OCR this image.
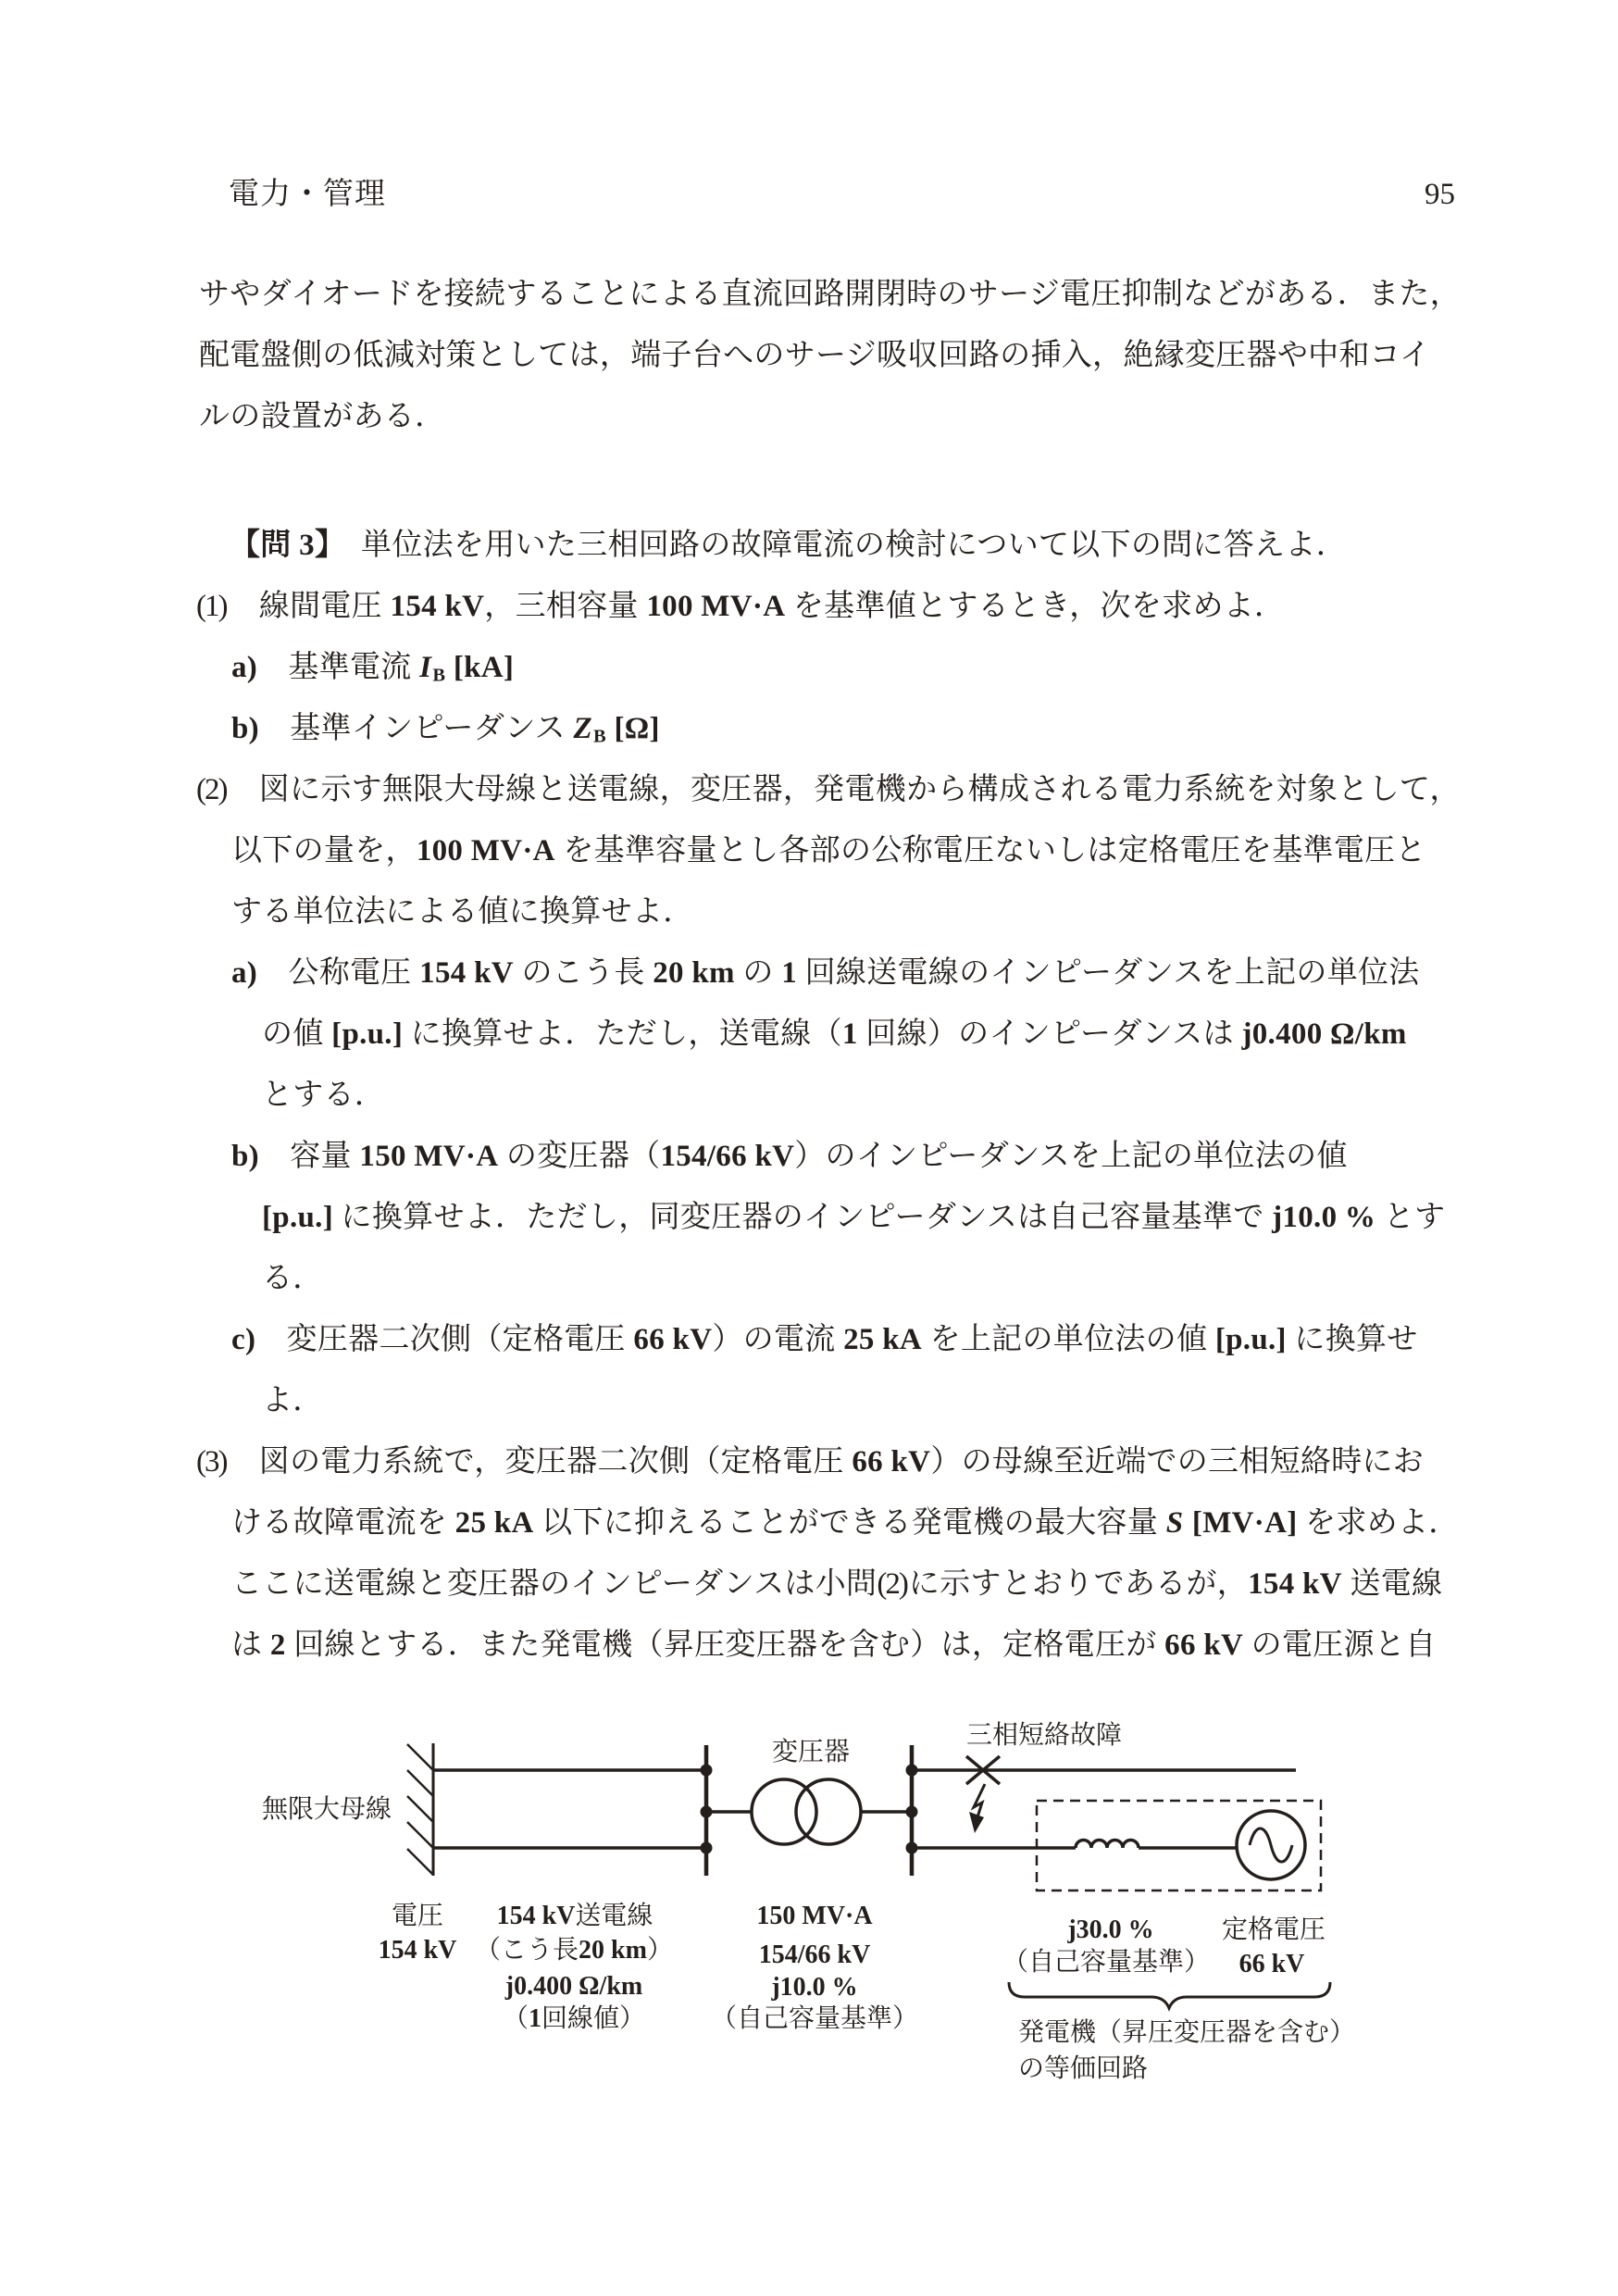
電力・管理	95
サやダイオードを接続することによる直流回路開閉時のサージ電圧抑制などがある．また，
配電盤側の低減対策としては，端子台へのサージ吸収回路の挿入，絶縁変圧器や中和コイ
ルの設置がある．
【問 3】　単位法を用いた三相回路の故障電流の検討について以下の問に答えよ．
(1)　線間電圧 154 kV，三相容量 100 MV·A を基準値とするとき，次を求めよ．
a)　基準電流 IB [kA]
b)　基準インピーダンス ZB [Ω]
(2)　図に示す無限大母線と送電線，変圧器，発電機から構成される電力系統を対象として，
以下の量を，100 MV·A を基準容量とし各部の公称電圧ないしは定格電圧を基準電圧と
する単位法による値に換算せよ．
a)　公称電圧 154 kV のこう長 20 km の 1 回線送電線のインピーダンスを上記の単位法
の値 [p.u.] に換算せよ．ただし，送電線（1 回線）のインピーダンスは j0.400 Ω/km
とする．
b)　容量 150 MV·A の変圧器（154/66 kV）のインピーダンスを上記の単位法の値
[p.u.] に換算せよ．ただし，同変圧器のインピーダンスは自己容量基準で j10.0 % とす
る．
c)　変圧器二次側（定格電圧 66 kV）の電流 25 kA を上記の単位法の値 [p.u.] に換算せ
よ．
(3)　図の電力系統で，変圧器二次側（定格電圧 66 kV）の母線至近端での三相短絡時にお
ける故障電流を 25 kA 以下に抑えることができる発電機の最大容量 S [MV·A] を求めよ．
ここに送電線と変圧器のインピーダンスは小問(2)に示すとおりであるが，154 kV 送電線
は 2 回線とする．また発電機（昇圧変圧器を含む）は，定格電圧が 66 kV の電圧源と自
無限大母線
変圧器
三相短絡故障
電圧
154 kV
154 kV送電線
（こう長20 km）
j0.400 Ω/km
（1回線値）
150 MV·A
154/66 kV
j10.0 %
（自己容量基準）
j30.0 %
（自己容量基準）
定格電圧
66 kV
発電機（昇圧変圧器を含む）
の等価回路
